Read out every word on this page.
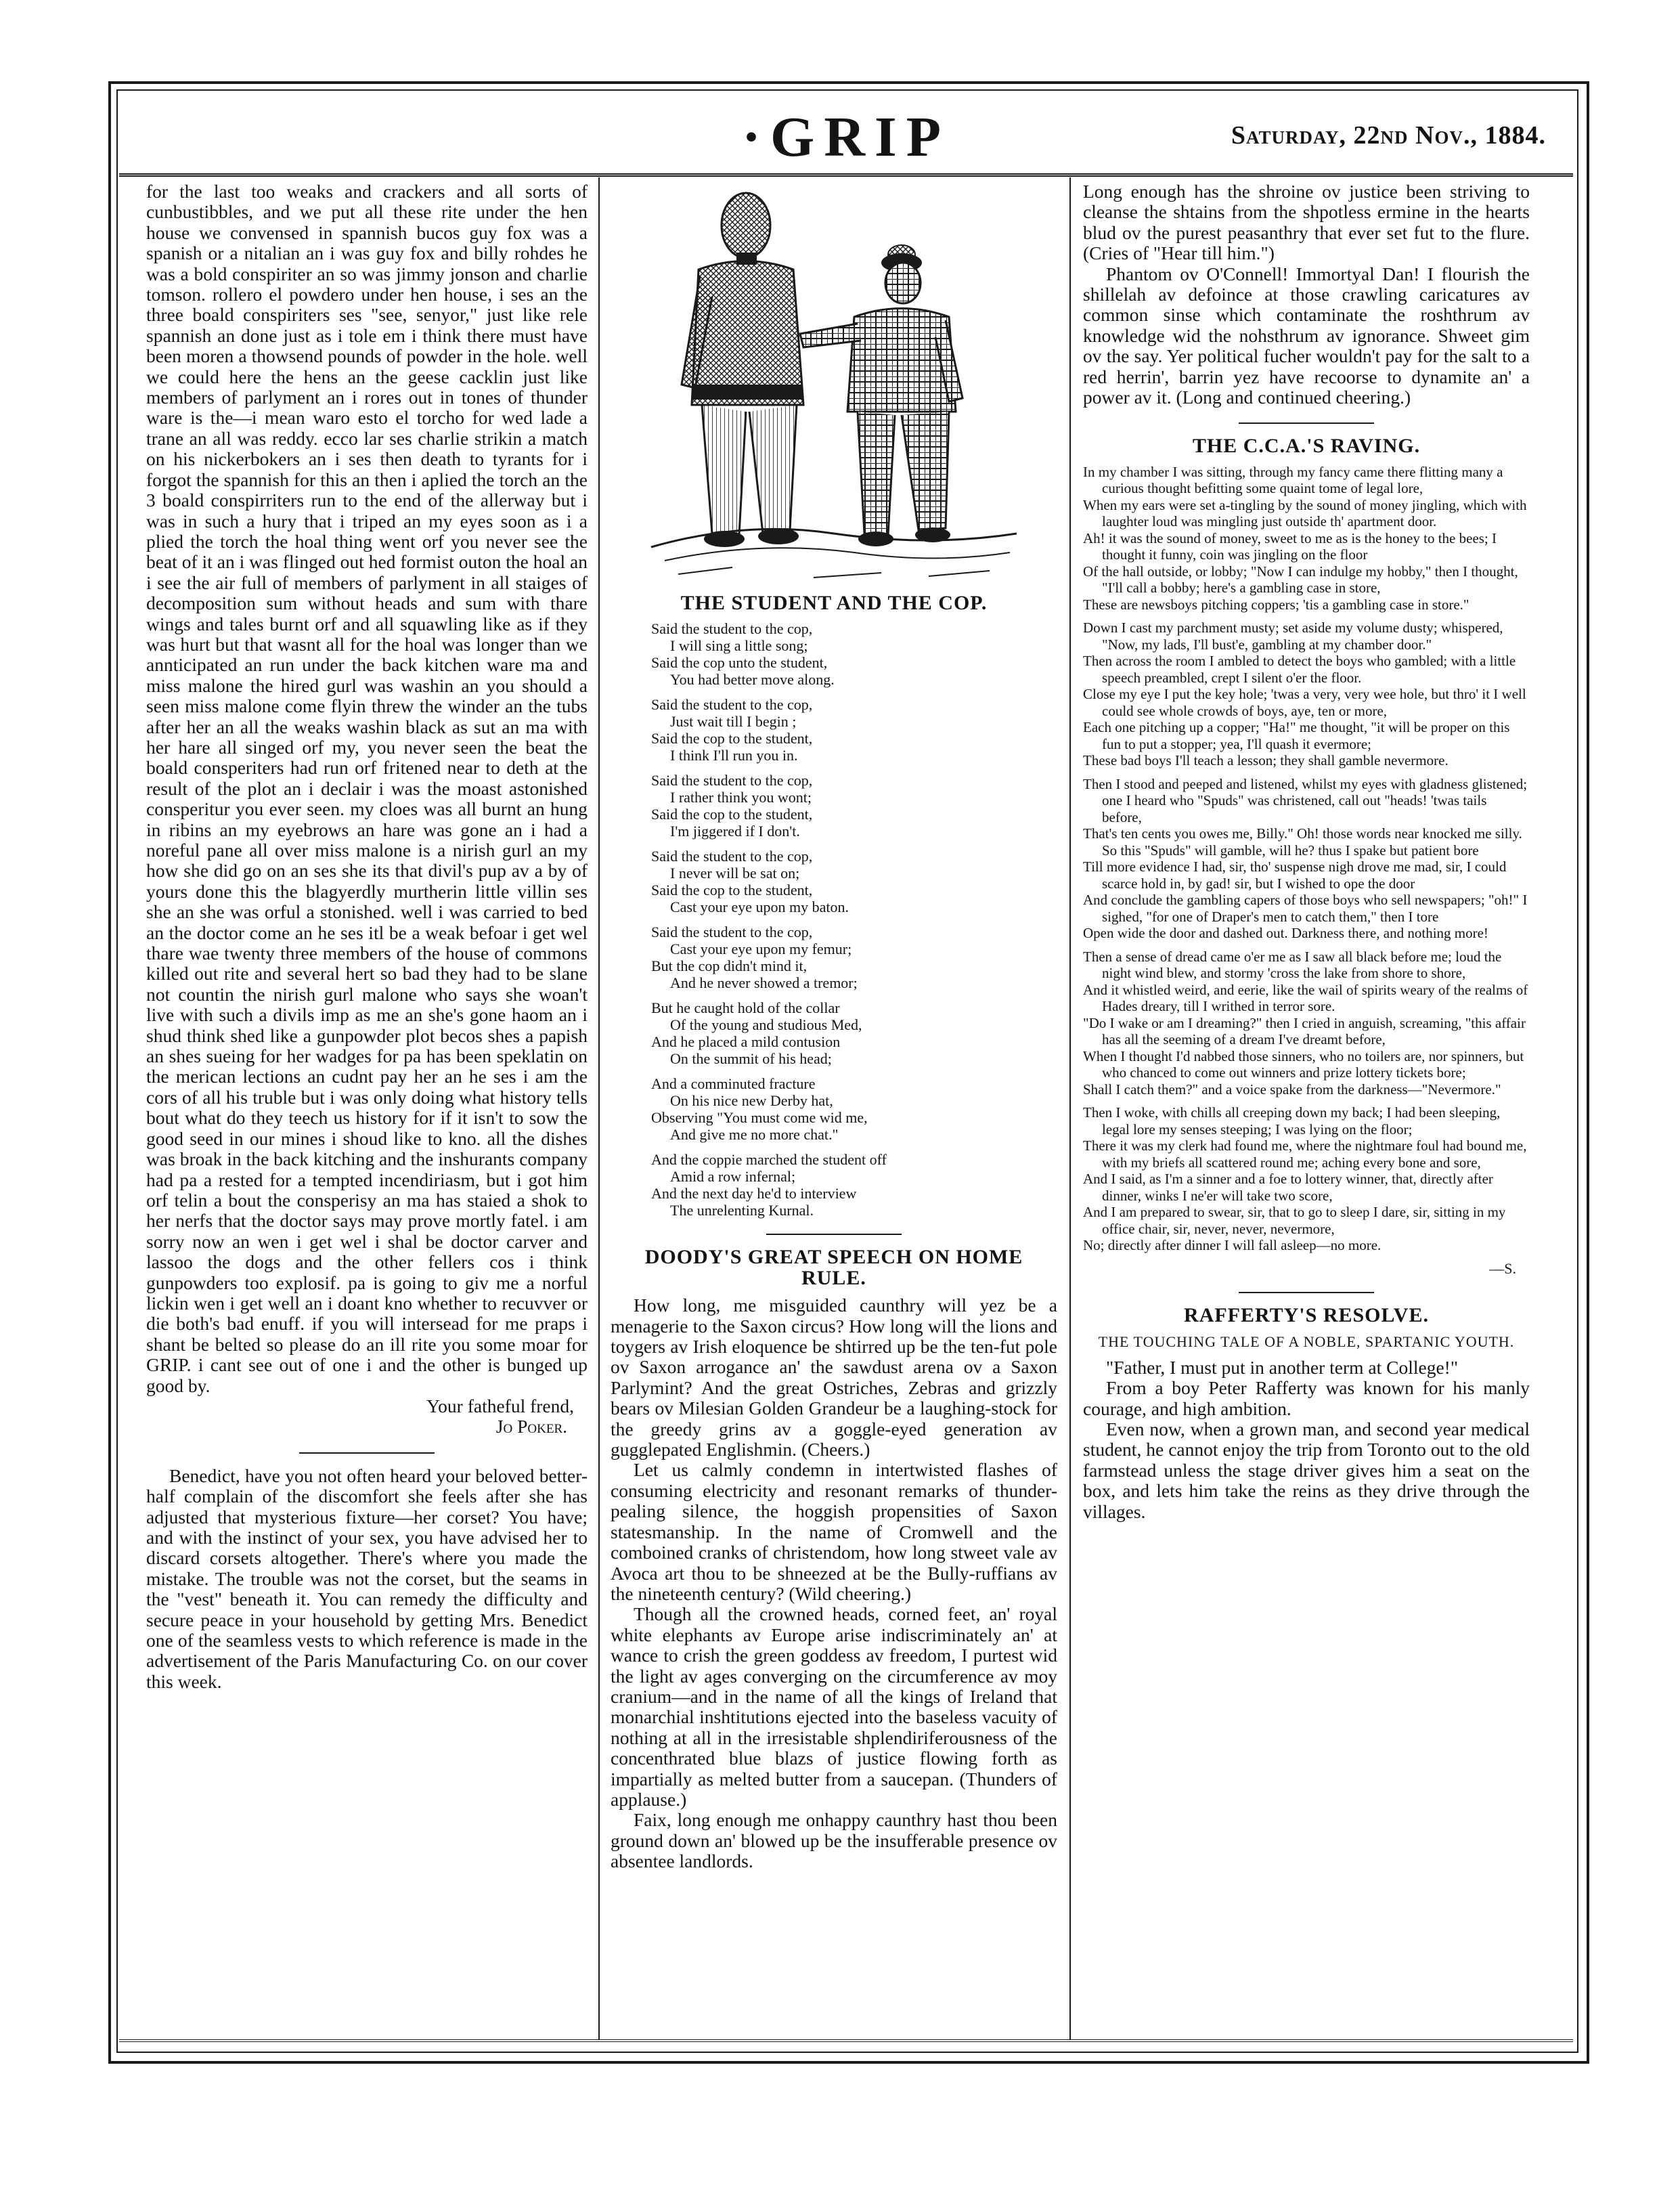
·GRIP	Saturday, 22nd Nov., 1884.

for the last too weaks and crackers and all sorts of cunbustibbles, and we put all these rite under the hen house we convensed in spannish bucos guy fox was a spanish or a nitalian an i was guy fox and billy rohdes he was a bold conspiriter an so was jimmy jonson and charlie tomson. rollero el powdero under hen house, i ses an the three boald conspiriters ses "see, senyor," just like rele spannish an done just as i tole em i think there must have been moren a thowsend pounds of powder in the hole. well we could here the hens an the geese cacklin just like members of parlyment an i rores out in tones of thunder ware is the—i mean waro esto el torcho for wed lade a trane an all was reddy. ecco lar ses charlie strikin a match on his nickerbokers an i ses then death to tyrants for i forgot the spannish for this an then i aplied the torch an the 3 boald conspirriters run to the end of the allerway but i was in such a hury that i triped an my eyes soon as i a plied the torch the hoal thing went orf you never see the beat of it an i was flinged out hed formist outon the hoal an i see the air full of members of parlyment in all staiges of decomposition sum without heads and sum with thare wings and tales burnt orf and all squawling like as if they was hurt but that wasnt all for the hoal was longer than we annticipated an run under the back kitchen ware ma and miss malone the hired gurl was washin an you should a seen miss malone come flyin threw the winder an the tubs after her an all the weaks washin black as sut an ma with her hare all singed orf my, you never seen the beat the boald consperiters had run orf fritened near to deth at the result of the plot an i declair i was the moast astonished consperitur you ever seen. my cloes was all burnt an hung in ribins an my eyebrows an hare was gone an i had a noreful pane all over miss malone is a nirish gurl an my how she did go on an ses she its that divil's pup av a by of yours done this the blagyerdly murtherin little villin ses she an she was orful a stonished. well i was carried to bed an the doctor come an he ses itl be a weak befoar i get wel thare wae twenty three members of the house of commons killed out rite and several hert so bad they had to be slane not countin the nirish gurl malone who says she woan't live with such a divils imp as me an she's gone haom an i shud think shed like a gunpowder plot becos shes a papish an shes sueing for her wadges for pa has been speklatin on the merican lections an cudnt pay her an he ses i am the cors of all his truble but i was only doing what history tells bout what do they teech us history for if it isn't to sow the good seed in our mines i shoud like to kno. all the dishes was broak in the back kitching and the inshurants company had pa a rested for a tempted incendiriasm, but i got him orf telin a bout the consperisy an ma has staied a shok to her nerfs that the doctor says may prove mortly fatel. i am sorry now an wen i get wel i shal be doctor carver and lassoo the dogs and the other fellers cos i think gunpowders too explosif. pa is going to giv me a norful lickin wen i get well an i doant kno whether to recuvver or die both's bad enuff. if you will intersead for me praps i shant be belted so please do an ill rite you some moar for GRIP. i cant see out of one i and the other is bunged up good by.

Your fatheful frend,

Jo Poker.

Benedict, have you not often heard your beloved better-half complain of the discomfort she feels after she has adjusted that mysterious fixture—her corset? You have; and with the instinct of your sex, you have advised her to discard corsets altogether. There's where you made the mistake. The trouble was not the corset, but the seams in the "vest" beneath it. You can remedy the difficulty and secure peace in your household by getting Mrs. Benedict one of the seamless vests to which reference is made in the advertisement of the Paris Manufacturing Co. on our cover this week.

THE STUDENT AND THE COP.
Said the student to the cop,
I will sing a little song;
Said the cop unto the student,
You had better move along.
Said the student to the cop,
Just wait till I begin ;
Said the cop to the student,
I think I'll run you in.
Said the student to the cop,
I rather think you wont;
Said the cop to the student,
I'm jiggered if I don't.
Said the student to the cop,
I never will be sat on;
Said the cop to the student,
Cast your eye upon my baton.
Said the student to the cop,
Cast your eye upon my femur;
But the cop didn't mind it,
And he never showed a tremor;
But he caught hold of the collar
Of the young and studious Med,
And he placed a mild contusion
On the summit of his head;
And a comminuted fracture
On his nice new Derby hat,
Observing "You must come wid me,
And give me no more chat."
And the coppie marched the student off
Amid a row infernal;
And the next day he'd to interview
The unrelenting Kurnal.
DOODY'S GREAT SPEECH ON HOME RULE.

How long, me misguided caunthry will yez be a menagerie to the Saxon circus? How long will the lions and toygers av Irish eloquence be shtirred up be the ten-fut pole ov Saxon arrogance an' the sawdust arena ov a Saxon Parlymint? And the great Ostriches, Zebras and grizzly bears ov Milesian Golden Grandeur be a laughing-stock for the greedy grins av a goggle-eyed generation av gugglepated Englishmin. (Cheers.)

Let us calmly condemn in intertwisted flashes of consuming electricity and resonant remarks of thunder-pealing silence, the hoggish propensities of Saxon statesmanship. In the name of Cromwell and the comboined cranks of christendom, how long stweet vale av Avoca art thou to be shneezed at be the Bully-ruffians av the nineteenth century? (Wild cheering.)

Though all the crowned heads, corned feet, an' royal white elephants av Europe arise indiscriminately an' at wance to crish the green goddess av freedom, I purtest wid the light av ages converging on the circumference av moy cranium—and in the name of all the kings of Ireland that monarchial inshtitutions ejected into the baseless vacuity of nothing at all in the irresistable shplendiriferousness of the concenthrated blue blazs of justice flowing forth as impartially as melted butter from a saucepan. (Thunders of applause.)

Faix, long enough me onhappy caunthry hast thou been ground down an' blowed up be the insufferable presence ov absentee landlords.

Long enough has the shroine ov justice been striving to cleanse the shtains from the shpotless ermine in the hearts blud ov the purest peasanthry that ever set fut to the flure. (Cries of "Hear till him.")

Phantom ov O'Connell! Immortyal Dan! I flourish the shillelah av defoince at those crawling caricatures av common sinse which contaminate the roshthrum av knowledge wid the nohsthrum av ignorance. Shweet gim ov the say. Yer political fucher wouldn't pay for the salt to a red herrin', barrin yez have recoorse to dynamite an' a power av it. (Long and continued cheering.)

THE C.C.A.'S RAVING.
In my chamber I was sitting, through my fancy came there flitting many a curious thought befitting some quaint tome of legal lore,
When my ears were set a-tingling by the sound of money jingling, which with laughter loud was mingling just outside th' apartment door.
Ah! it was the sound of money, sweet to me as is the honey to the bees; I thought it funny, coin was jingling on the floor
Of the hall outside, or lobby; "Now I can indulge my hobby," then I thought, "I'll call a bobby; here's a gambling case in store,
These are newsboys pitching coppers; 'tis a gambling case in store."
Down I cast my parchment musty; set aside my volume dusty; whispered, "Now, my lads, I'll bust'e, gambling at my chamber door."
Then across the room I ambled to detect the boys who gambled; with a little speech preambled, crept I silent o'er the floor.
Close my eye I put the key hole; 'twas a very, very wee hole, but thro' it I well could see whole crowds of boys, aye, ten or more,
Each one pitching up a copper; "Ha!" me thought, "it will be proper on this fun to put a stopper; yea, I'll quash it evermore;
These bad boys I'll teach a lesson; they shall gamble nevermore.
Then I stood and peeped and listened, whilst my eyes with gladness glistened; one I heard who "Spuds" was christened, call out "heads! 'twas tails before,
That's ten cents you owes me, Billy." Oh! those words near knocked me silly. So this "Spuds" will gamble, will he? thus I spake but patient bore
Till more evidence I had, sir, tho' suspense nigh drove me mad, sir, I could scarce hold in, by gad! sir, but I wished to ope the door
And conclude the gambling capers of those boys who sell newspapers; "oh!" I sighed, "for one of Draper's men to catch them," then I tore
Open wide the door and dashed out. Darkness there, and nothing more!
Then a sense of dread came o'er me as I saw all black before me; loud the night wind blew, and stormy 'cross the lake from shore to shore,
And it whistled weird, and eerie, like the wail of spirits weary of the realms of Hades dreary, till I writhed in terror sore.
"Do I wake or am I dreaming?" then I cried in anguish, screaming, "this affair has all the seeming of a dream I've dreamt before,
When I thought I'd nabbed those sinners, who no toilers are, nor spinners, but who chanced to come out winners and prize lottery tickets bore;
Shall I catch them?" and a voice spake from the darkness—"Nevermore."
Then I woke, with chills all creeping down my back; I had been sleeping, legal lore my senses steeping; I was lying on the floor;
There it was my clerk had found me, where the nightmare foul had bound me, with my briefs all scattered round me; aching every bone and sore,
And I said, as I'm a sinner and a foe to lottery winner, that, directly after dinner, winks I ne'er will take two score,
And I am prepared to swear, sir, that to go to sleep I dare, sir, sitting in my office chair, sir, never, never, nevermore,
No; directly after dinner I will fall asleep—no more.
—S.
RAFFERTY'S RESOLVE.
THE TOUCHING TALE OF A NOBLE, SPARTANIC YOUTH.

"Father, I must put in another term at College!"

From a boy Peter Rafferty was known for his manly courage, and high ambition.

Even now, when a grown man, and second year medical student, he cannot enjoy the trip from Toronto out to the old farmstead unless the stage driver gives him a seat on the box, and lets him take the reins as they drive through the villages.
